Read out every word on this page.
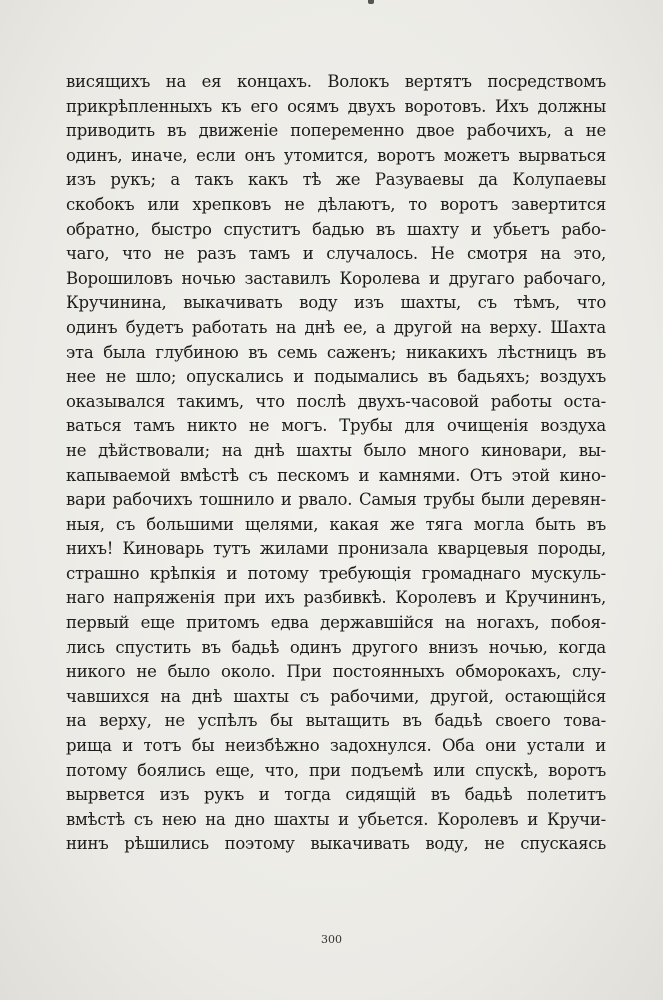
висящихъ на ея концахъ. Волокъ вертятъ посредствомъ
прикрѣпленныхъ къ его осямъ двухъ воротовъ. Ихъ должны
приводить въ движеніе попеременно двое рабочихъ, а не
одинъ, иначе, если онъ утомится, воротъ можетъ вырваться
изъ рукъ; а такъ какъ тѣ же Разуваевы да Колупаевы
скобокъ или хрепковъ не дѣлаютъ, то воротъ завертится
обратно, быстро спуститъ бадью въ шахту и убьетъ рабо-
чаго, что не разъ тамъ и случалось. Не смотря на это,
Ворошиловъ ночью заставилъ Королева и другаго рабочаго,
Кручинина, выкачивать воду изъ шахты, съ тѣмъ, что
одинъ будетъ работать на днѣ ее, а другой на верху. Шахта
эта была глубиною въ семь саженъ; никакихъ лѣстницъ въ
нее не шло; опускались и подымались въ бадьяхъ; воздухъ
оказывался такимъ, что послѣ двухъ-часовой работы оста-
ваться тамъ никто не могъ. Трубы для очищенія воздуха
не дѣйствовали; на днѣ шахты было много киновари, вы-
капываемой вмѣстѣ съ пескомъ и камнями. Отъ этой кино-
вари рабочихъ тошнило и рвало. Самыя трубы были деревян-
ныя, съ большими щелями, какая же тяга могла быть въ
нихъ! Киноварь тутъ жилами пронизала кварцевыя породы,
страшно крѣпкія и потому требующія громаднаго мускуль-
наго напряженія при ихъ разбивкѣ. Королевъ и Кручининъ,
первый еще притомъ едва державшійся на ногахъ, побоя-
лись спустить въ бадьѣ одинъ другого внизъ ночью, когда
никого не было около. При постоянныхъ обморокахъ, слу-
чавшихся на днѣ шахты съ рабочими, другой, остающійся
на верху, не успѣлъ бы вытащить въ бадьѣ своего това-
рища и тотъ бы неизбѣжно задохнулся. Оба они устали и
потому боялись еще, что, при подъемѣ или спускѣ, воротъ
вырвется изъ рукъ и тогда сидящій въ бадьѣ полетитъ
вмѣстѣ съ нею на дно шахты и убьется. Королевъ и Кручи-
нинъ рѣшились поэтому выкачивать воду, не спускаясь
300
